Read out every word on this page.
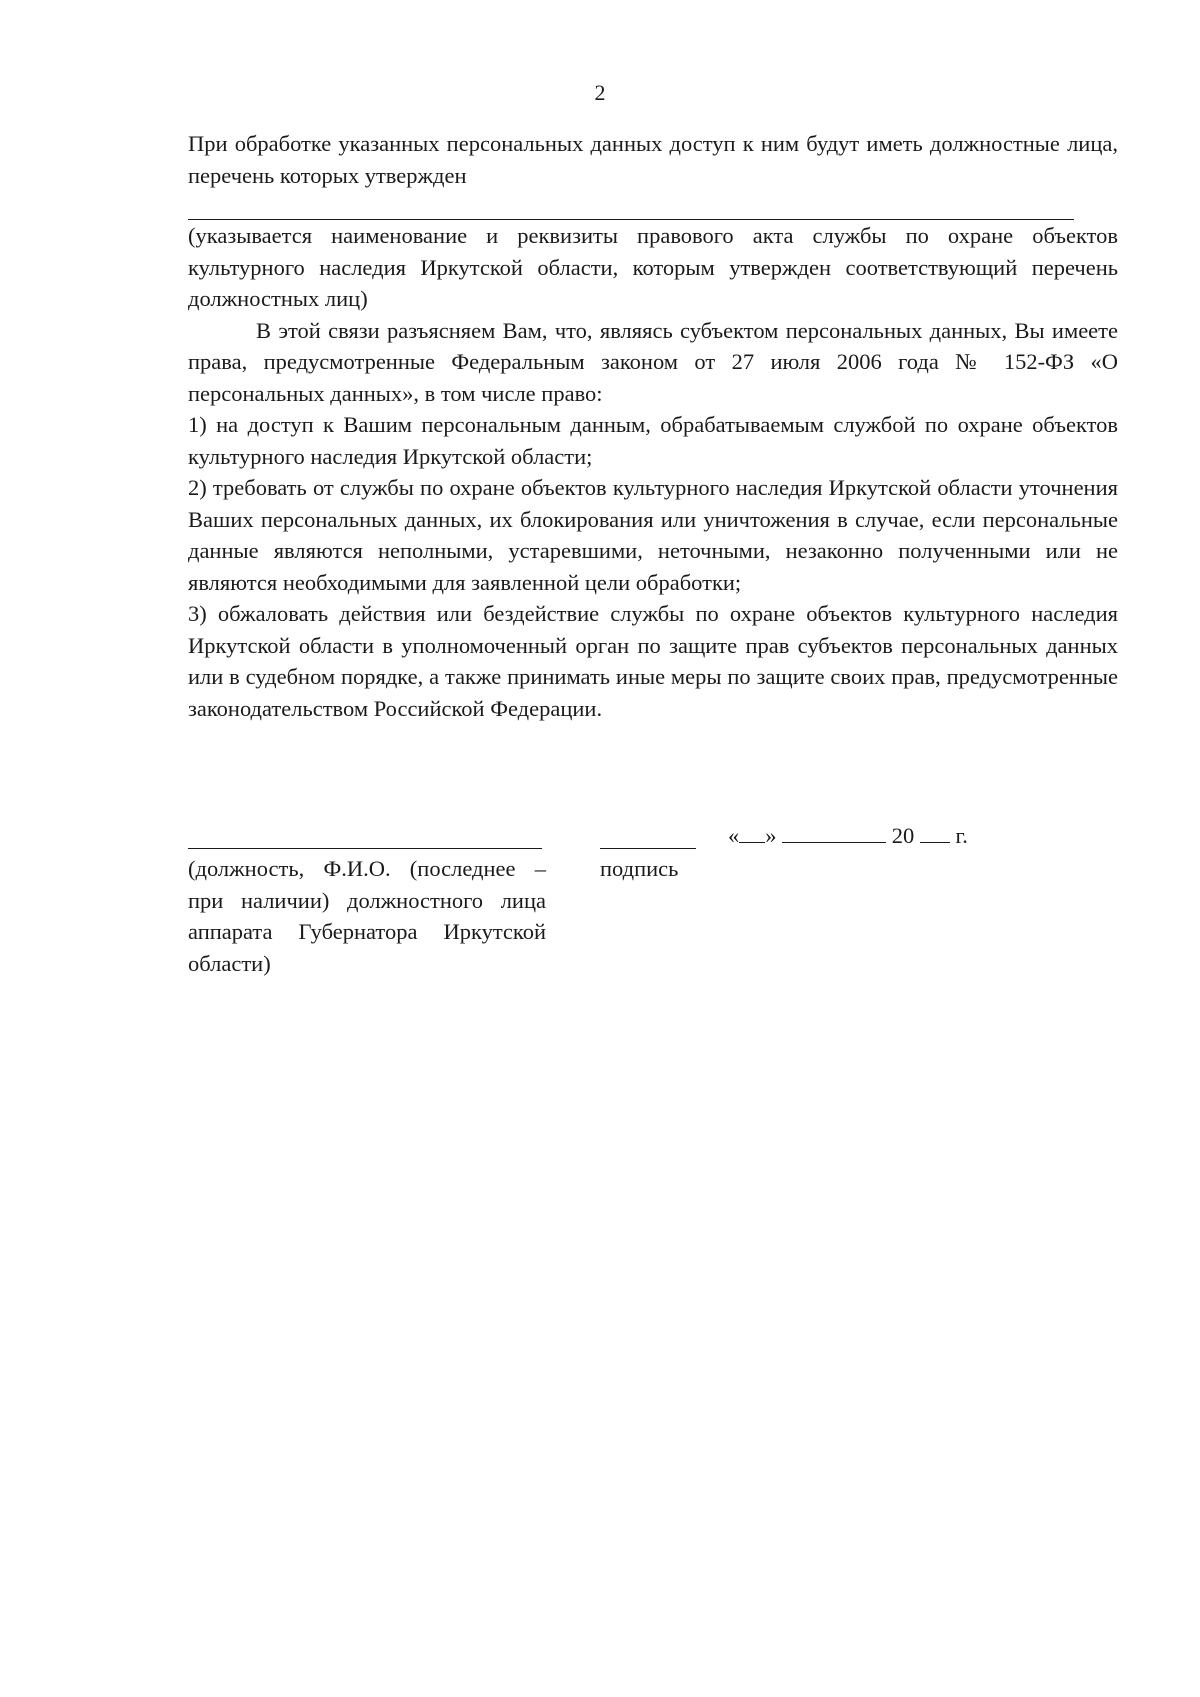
2

При обработке указанных персональных данных доступ к ним будут иметь должностные лица, перечень которых утвержден

(указывается наименование и реквизиты правового акта службы по охране объектов культурного наследия Иркутской области, которым утвержден соответствующий перечень должностных лиц)

В этой связи разъясняем Вам, что, являясь субъектом персональных данных, Вы имеете права, предусмотренные Федеральным законом от 27 июля 2006 года № 152-ФЗ «О персональных данных», в том числе право:

1) на доступ к Вашим персональным данным, обрабатываемым службой по охране объектов культурного наследия Иркутской области;

2) требовать от службы по охране объектов культурного наследия Иркутской области уточнения Ваших персональных данных, их блокирования или уничтожения в случае, если персональные данные являются неполными, устаревшими, неточными, незаконно полученными или не являются необходимыми для заявленной цели обработки;

3) обжаловать действия или бездействие службы по охране объектов культурного наследия Иркутской области в уполномоченный орган по защите прав субъектов персональных данных или в судебном порядке, а также принимать иные меры по защите своих прав, предусмотренные законодательством Российской Федерации.

(должность, Ф.И.О. (последнее – при наличии) должностного лица аппарата Губернатора Иркутской области)
подпись
« »	20 г.
